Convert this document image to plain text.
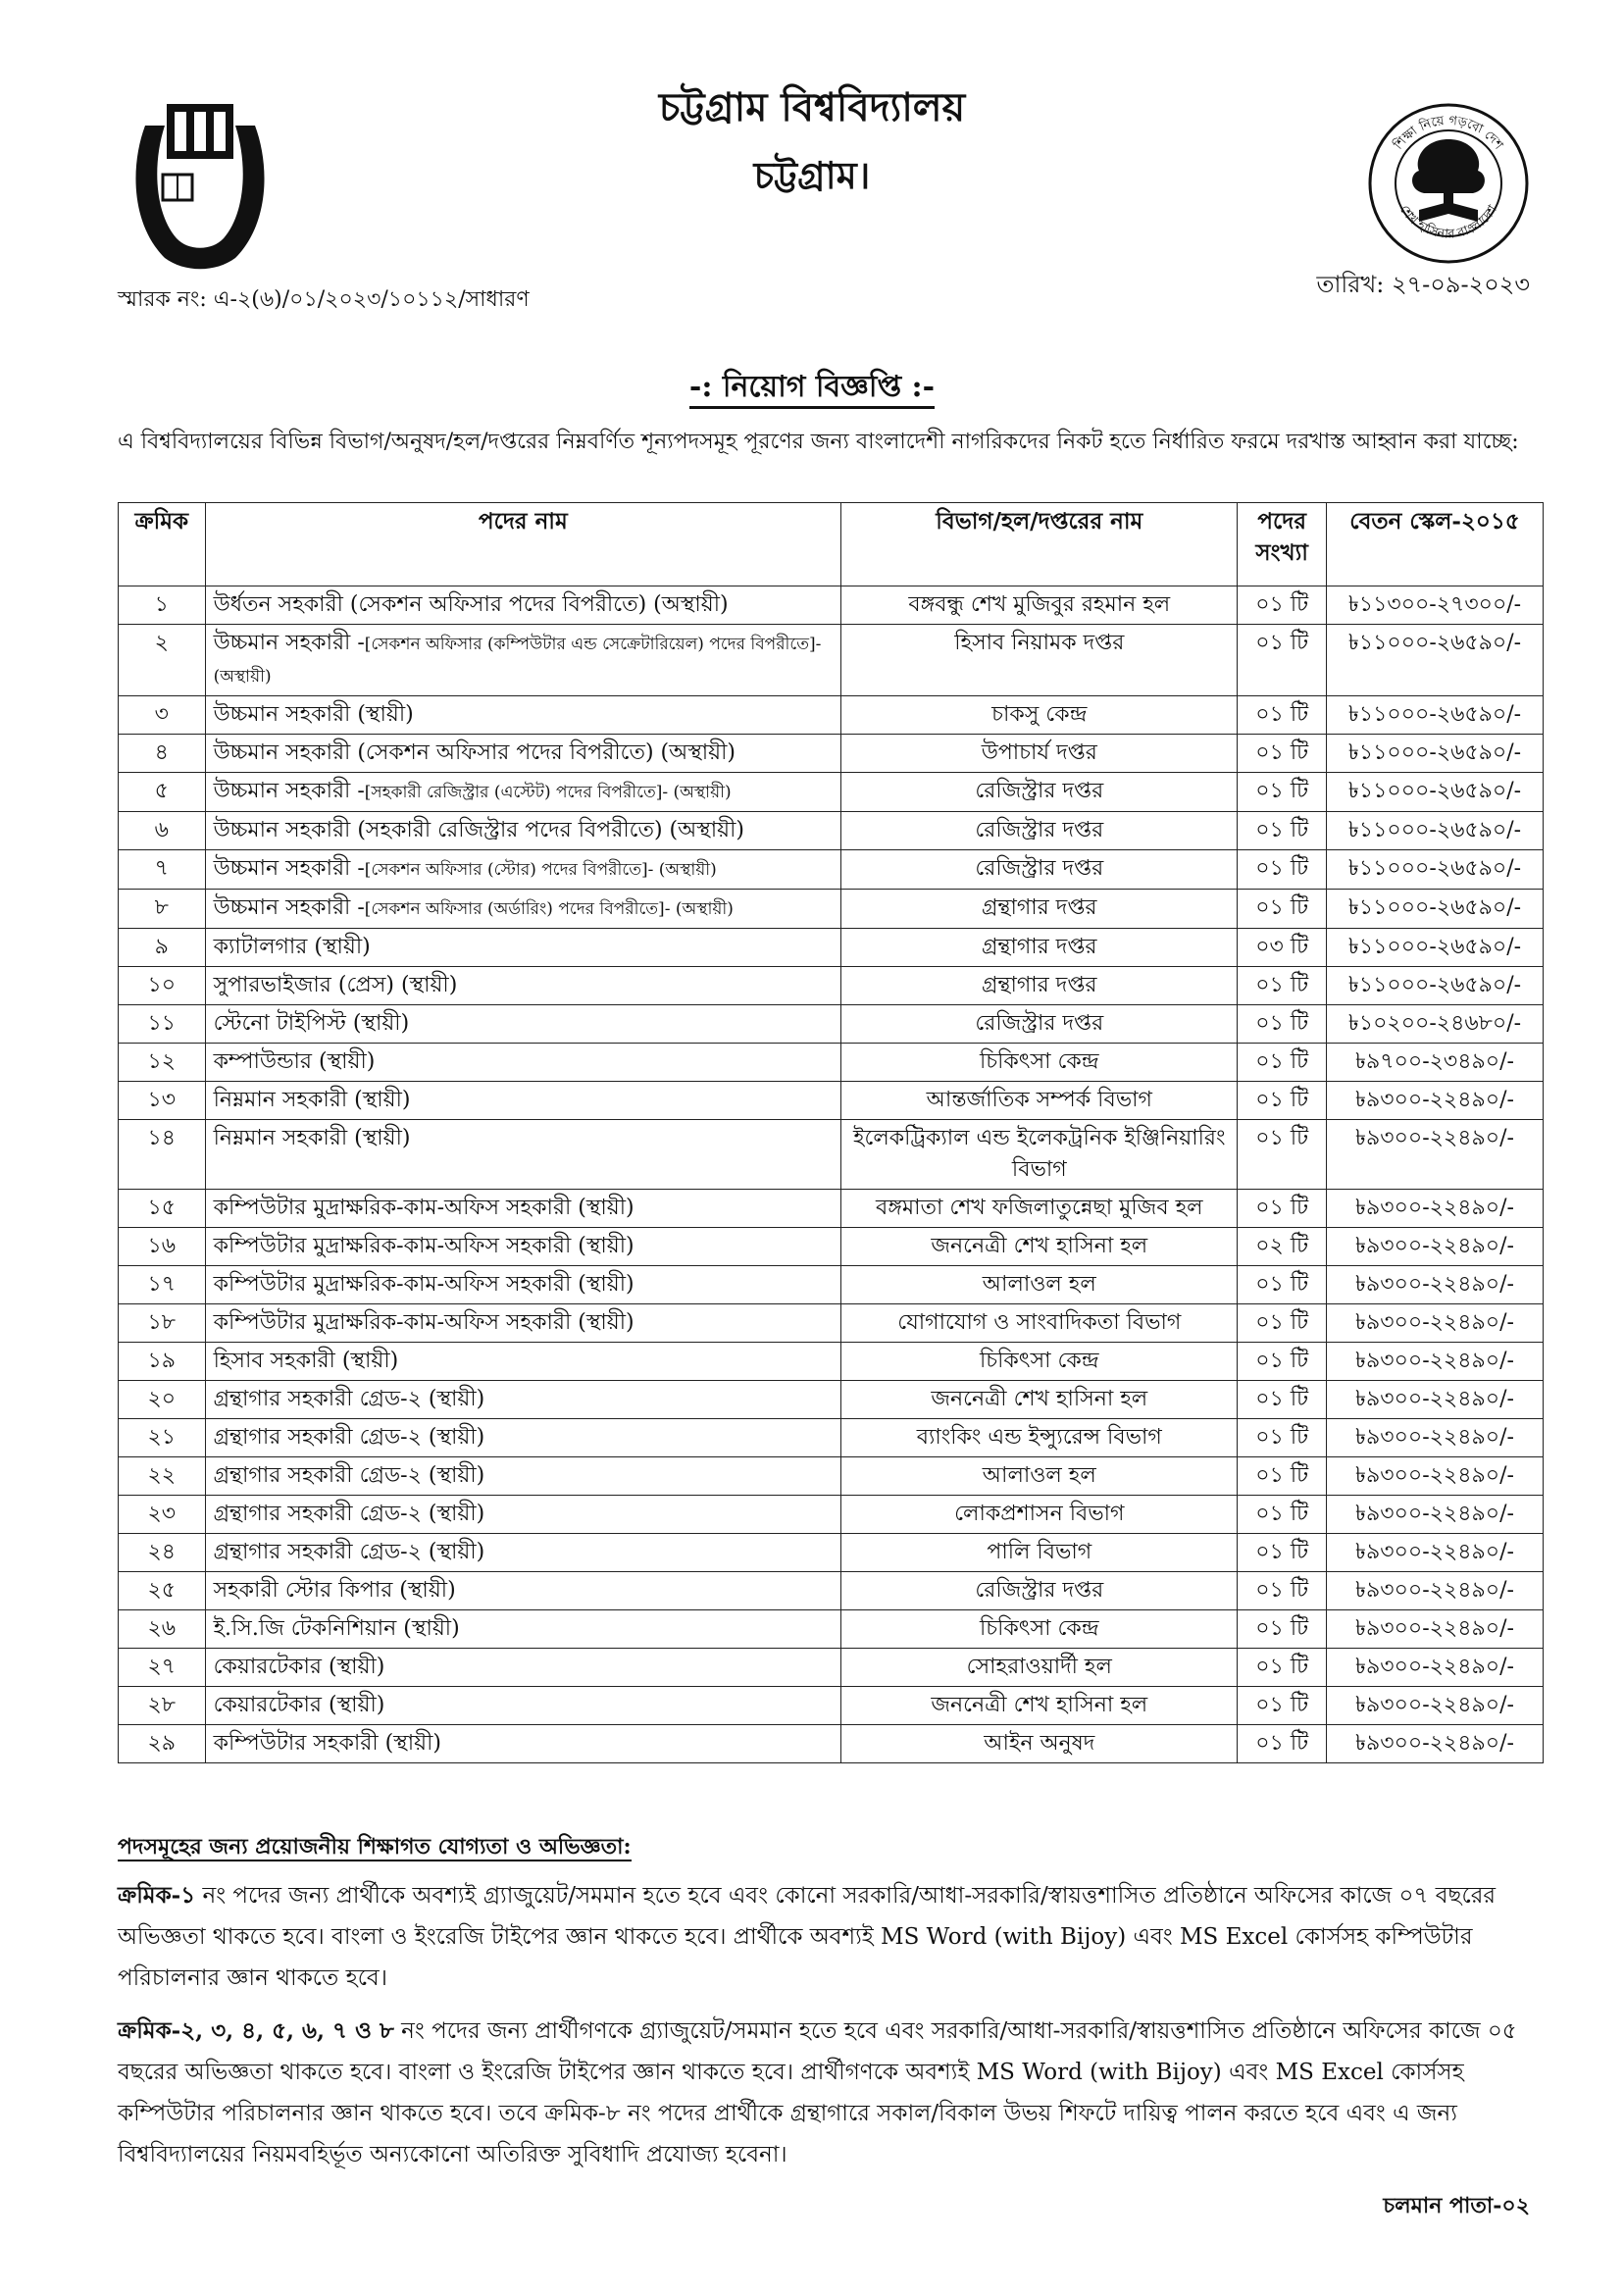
শিক্ষা নিয়ে গড়বো দেশ
শেখ হাসিনার বাংলাদেশ
চট্টগ্রাম বিশ্ববিদ্যালয়
চট্টগ্রাম।
স্মারক নং: এ-২(৬)/০১/২০২৩/১০১১২/সাধারণ
তারিখ: ২৭-০৯-২০২৩
-: নিয়োগ বিজ্ঞপ্তি :-
এ বিশ্ববিদ্যালয়ের বিভিন্ন বিভাগ/অনুষদ/হল/দপ্তরের নিম্নবর্ণিত শূন্যপদসমূহ পূরণের জন্য বাংলাদেশী নাগরিকদের নিকট হতে নির্ধারিত ফরমে দরখাস্ত আহ্বান করা যাচ্ছে:
ক্রমিক	পদের নাম	বিভাগ/হল/দপ্তরের নাম	পদের সংখ্যা	বেতন স্কেল-২০১৫
১	উর্ধতন সহকারী (সেকশন অফিসার পদের বিপরীতে) (অস্থায়ী)	বঙ্গবন্ধু শেখ মুজিবুর রহমান হল	০১ টি	৳১১৩০০-২৭৩০০/-
২	উচ্চমান সহকারী -[সেকশন অফিসার (কম্পিউটার এন্ড সেক্রেটারিয়েল) পদের বিপরীতে]- (অস্থায়ী)	হিসাব নিয়ামক দপ্তর	০১ টি	৳১১০০০-২৬৫৯০/-
৩	উচ্চমান সহকারী (স্থায়ী)	চাকসু কেন্দ্র	০১ টি	৳১১০০০-২৬৫৯০/-
৪	উচ্চমান সহকারী (সেকশন অফিসার পদের বিপরীতে) (অস্থায়ী)	উপাচার্য দপ্তর	০১ টি	৳১১০০০-২৬৫৯০/-
৫	উচ্চমান সহকারী -[সহকারী রেজিস্ট্রার (এস্টেট) পদের বিপরীতে]- (অস্থায়ী)	রেজিস্ট্রার দপ্তর	০১ টি	৳১১০০০-২৬৫৯০/-
৬	উচ্চমান সহকারী (সহকারী রেজিস্ট্রার পদের বিপরীতে) (অস্থায়ী)	রেজিস্ট্রার দপ্তর	০১ টি	৳১১০০০-২৬৫৯০/-
৭	উচ্চমান সহকারী -[সেকশন অফিসার (স্টোর) পদের বিপরীতে]- (অস্থায়ী)	রেজিস্ট্রার দপ্তর	০১ টি	৳১১০০০-২৬৫৯০/-
৮	উচ্চমান সহকারী -[সেকশন অফিসার (অর্ডারিং) পদের বিপরীতে]- (অস্থায়ী)	গ্রন্থাগার দপ্তর	০১ টি	৳১১০০০-২৬৫৯০/-
৯	ক্যাটালগার (স্থায়ী)	গ্রন্থাগার দপ্তর	০৩ টি	৳১১০০০-২৬৫৯০/-
১০	সুপারভাইজার (প্রেস) (স্থায়ী)	গ্রন্থাগার দপ্তর	০১ টি	৳১১০০০-২৬৫৯০/-
১১	স্টেনো টাইপিস্ট (স্থায়ী)	রেজিস্ট্রার দপ্তর	০১ টি	৳১০২০০-২৪৬৮০/-
১২	কম্পাউন্ডার (স্থায়ী)	চিকিৎসা কেন্দ্র	০১ টি	৳৯৭০০-২৩৪৯০/-
১৩	নিম্নমান সহকারী (স্থায়ী)	আন্তর্জাতিক সম্পর্ক বিভাগ	০১ টি	৳৯৩০০-২২৪৯০/-
১৪	নিম্নমান সহকারী (স্থায়ী)	ইলেকট্রিক্যাল এন্ড ইলেকট্রনিক ইঞ্জিনিয়ারিং বিভাগ	০১ টি	৳৯৩০০-২২৪৯০/-
১৫	কম্পিউটার মুদ্রাক্ষরিক-কাম-অফিস সহকারী (স্থায়ী)	বঙ্গমাতা শেখ ফজিলাতুন্নেছা মুজিব হল	০১ টি	৳৯৩০০-২২৪৯০/-
১৬	কম্পিউটার মুদ্রাক্ষরিক-কাম-অফিস সহকারী (স্থায়ী)	জননেত্রী শেখ হাসিনা হল	০২ টি	৳৯৩০০-২২৪৯০/-
১৭	কম্পিউটার মুদ্রাক্ষরিক-কাম-অফিস সহকারী (স্থায়ী)	আলাওল হল	০১ টি	৳৯৩০০-২২৪৯০/-
১৮	কম্পিউটার মুদ্রাক্ষরিক-কাম-অফিস সহকারী (স্থায়ী)	যোগাযোগ ও সাংবাদিকতা বিভাগ	০১ টি	৳৯৩০০-২২৪৯০/-
১৯	হিসাব সহকারী (স্থায়ী)	চিকিৎসা কেন্দ্র	০১ টি	৳৯৩০০-২২৪৯০/-
২০	গ্রন্থাগার সহকারী গ্রেড-২ (স্থায়ী)	জননেত্রী শেখ হাসিনা হল	০১ টি	৳৯৩০০-২২৪৯০/-
২১	গ্রন্থাগার সহকারী গ্রেড-২ (স্থায়ী)	ব্যাংকিং এন্ড ইন্স্যুরেন্স বিভাগ	০১ টি	৳৯৩০০-২২৪৯০/-
২২	গ্রন্থাগার সহকারী গ্রেড-২ (স্থায়ী)	আলাওল হল	০১ টি	৳৯৩০০-২২৪৯০/-
২৩	গ্রন্থাগার সহকারী গ্রেড-২ (স্থায়ী)	লোকপ্রশাসন বিভাগ	০১ টি	৳৯৩০০-২২৪৯০/-
২৪	গ্রন্থাগার সহকারী গ্রেড-২ (স্থায়ী)	পালি বিভাগ	০১ টি	৳৯৩০০-২২৪৯০/-
২৫	সহকারী স্টোর কিপার (স্থায়ী)	রেজিস্ট্রার দপ্তর	০১ টি	৳৯৩০০-২২৪৯০/-
২৬	ই.সি.জি টেকনিশিয়ান (স্থায়ী)	চিকিৎসা কেন্দ্র	০১ টি	৳৯৩০০-২২৪৯০/-
২৭	কেয়ারটেকার (স্থায়ী)	সোহরাওয়ার্দী হল	০১ টি	৳৯৩০০-২২৪৯০/-
২৮	কেয়ারটেকার (স্থায়ী)	জননেত্রী শেখ হাসিনা হল	০১ টি	৳৯৩০০-২২৪৯০/-
২৯	কম্পিউটার সহকারী (স্থায়ী)	আইন অনুষদ	০১ টি	৳৯৩০০-২২৪৯০/-
পদসমূহের জন্য প্রয়োজনীয় শিক্ষাগত যোগ্যতা ও অভিজ্ঞতা:
ক্রমিক-১ নং পদের জন্য প্রার্থীকে অবশ্যই গ্র্যাজুয়েট/সমমান হতে হবে এবং কোনো সরকারি/আধা-সরকারি/স্বায়ত্তশাসিত প্রতিষ্ঠানে অফিসের কাজে ০৭ বছরের অভিজ্ঞতা থাকতে হবে। বাংলা ও ইংরেজি টাইপের জ্ঞান থাকতে হবে। প্রার্থীকে অবশ্যই MS Word (with Bijoy) এবং MS Excel কোর্সসহ কম্পিউটার পরিচালনার জ্ঞান থাকতে হবে।
ক্রমিক-২, ৩, ৪, ৫, ৬, ৭ ও ৮ নং পদের জন্য প্রার্থীগণকে গ্র্যাজুয়েট/সমমান হতে হবে এবং সরকারি/আধা-সরকারি/স্বায়ত্তশাসিত প্রতিষ্ঠানে অফিসের কাজে ০৫ বছরের অভিজ্ঞতা থাকতে হবে। বাংলা ও ইংরেজি টাইপের জ্ঞান থাকতে হবে। প্রার্থীগণকে অবশ্যই MS Word (with Bijoy) এবং MS Excel কোর্সসহ কম্পিউটার পরিচালনার জ্ঞান থাকতে হবে। তবে ক্রমিক-৮ নং পদের প্রার্থীকে গ্রন্থাগারে সকাল/বিকাল উভয় শিফটে দায়িত্ব পালন করতে হবে এবং এ জন্য বিশ্ববিদ্যালয়ের নিয়মবহির্ভূত অন্যকোনো অতিরিক্ত সুবিধাদি প্রযোজ্য হবেনা।
চলমান পাতা-০২
